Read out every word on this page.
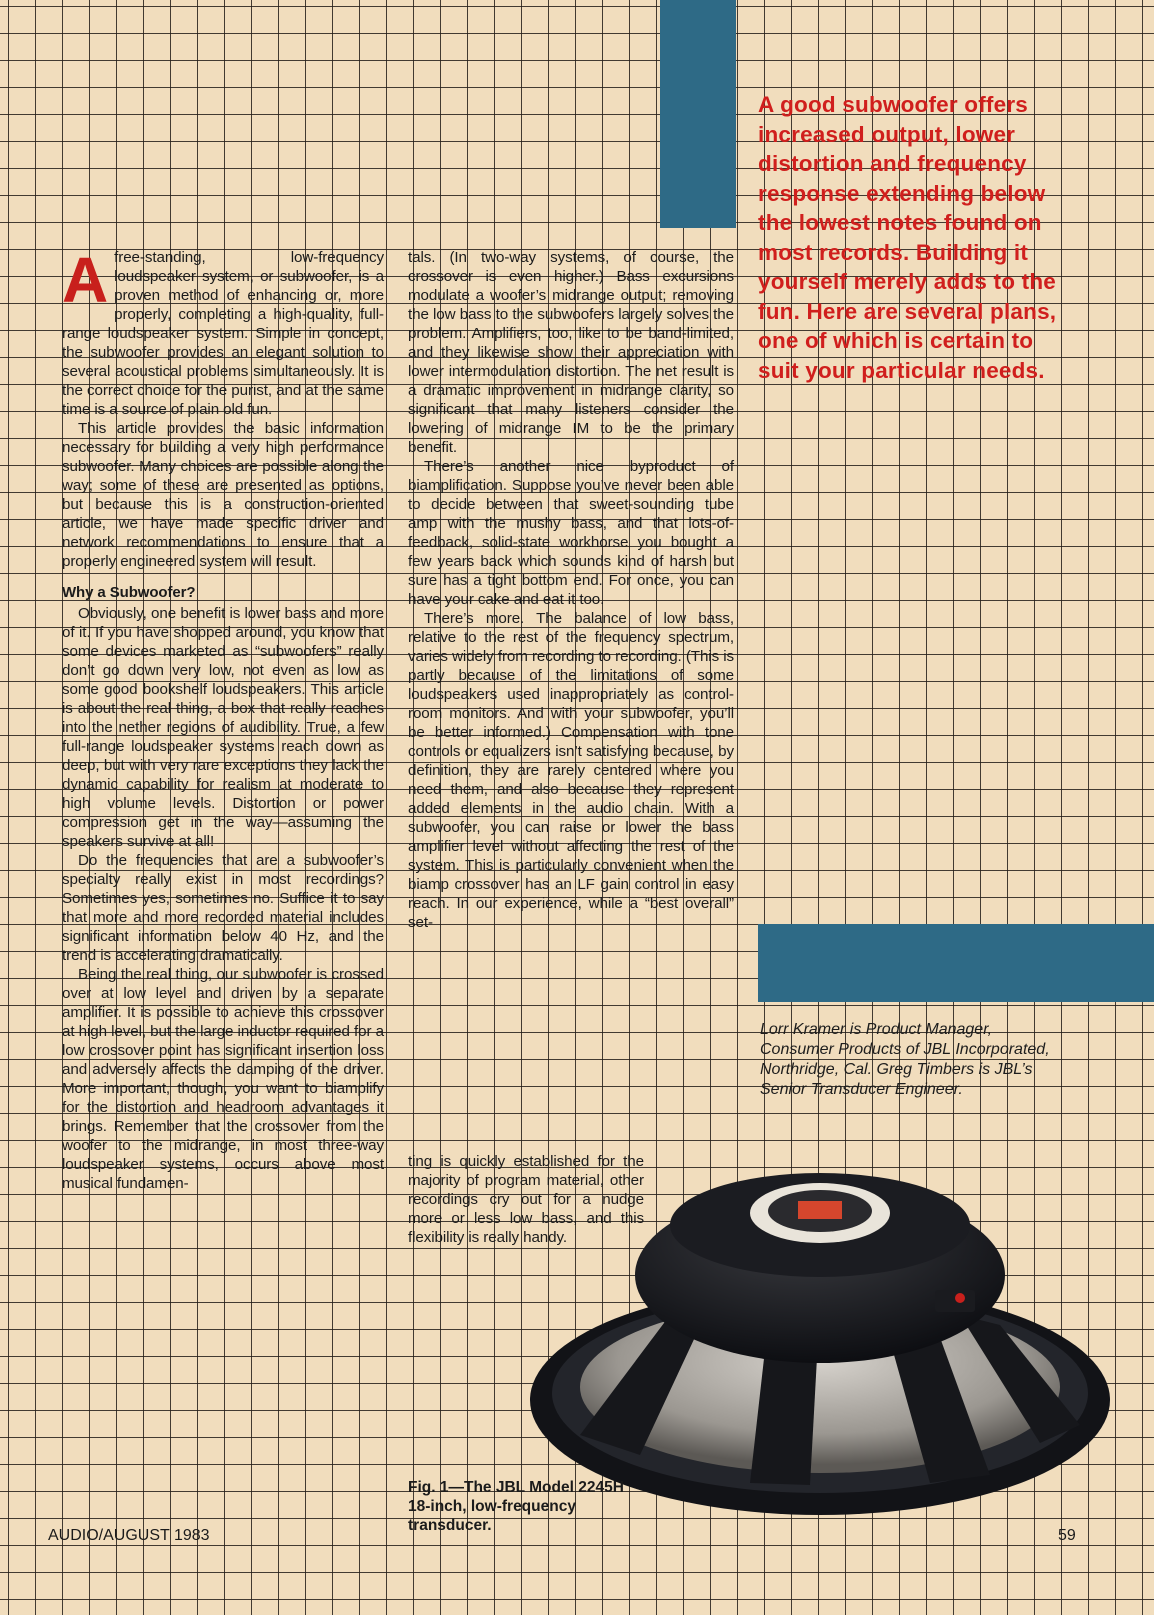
A good subwoofer offers increased output, lower distortion and frequency response extending below the lowest notes found on most records. Building it yourself merely adds to the fun. Here are several plans, one of which is certain to suit your particular needs.

Afree-standing, low-frequency loudspeaker system, or subwoofer, is a proven method of enhancing or, more properly, completing a high-quality, full-range loudspeaker system. Simple in concept, the subwoofer provides an elegant solution to several acoustical problems simultaneously. It is the correct choice for the purist, and at the same time is a source of plain old fun.

This article provides the basic information necessary for building a very high performance subwoofer. Many choices are possible along the way; some of these are presented as options, but because this is a construction-oriented article, we have made specific driver and network recommendations to ensure that a properly engineered system will result.

Why a Subwoofer?

Obviously, one benefit is lower bass and more of it. If you have shopped around, you know that some devices marketed as “subwoofers” really don’t go down very low, not even as low as some good bookshelf loudspeakers. This article is about the real thing, a box that really reaches into the nether regions of audibility. True, a few full-range loudspeaker systems reach down as deep, but with very rare exceptions they lack the dynamic capability for realism at moderate to high volume levels. Distortion or power compression get in the way—assuming the speakers survive at all!

Do the frequencies that are a subwoofer’s specialty really exist in most recordings? Sometimes yes, sometimes no. Suffice it to say that more and more recorded material includes significant information below 40 Hz, and the trend is accelerating dramatically.

Being the real thing, our subwoofer is crossed over at low level and driven by a separate amplifier. It is possible to achieve this crossover at high level, but the large inductor required for a low crossover point has significant insertion loss and adversely affects the damping of the driver. More important, though, you want to biamplify for the distortion and headroom advantages it brings. Remember that the crossover from the woofer to the midrange, in most three-way loudspeaker systems, occurs above most musical fundamen-

tals. (In two-way systems, of course, the crossover is even higher.) Bass excursions modulate a woofer’s midrange output; removing the low bass to the subwoofers largely solves the problem. Amplifiers, too, like to be band-limited, and they likewise show their appreciation with lower intermodulation distortion. The net result is a dramatic improvement in midrange clarity, so significant that many listeners consider the lowering of midrange IM to be the primary benefit.

There’s another nice byproduct of biamplification. Suppose you’ve never been able to decide between that sweet-sounding tube amp with the mushy bass, and that lots-of-feedback, solid-state workhorse you bought a few years back which sounds kind of harsh but sure has a tight bottom end. For once, you can have your cake and eat it too.

There’s more. The balance of low bass, relative to the rest of the frequency spectrum, varies widely from recording to recording. (This is partly because of the limitations of some loudspeakers used inappropriately as control-room monitors. And with your subwoofer, you’ll be better informed.) Compensation with tone controls or equalizers isn’t satisfying because, by definition, they are rarely centered where you need them, and also because they represent added elements in the audio chain. With a subwoofer, you can raise or lower the bass amplifier level without affecting the rest of the system. This is particularly convenient when the biamp crossover has an LF gain control in easy reach. In our experience, while a “best overall” set-

ting is quickly established for the majority of program material, other recordings cry out for a nudge more or less low bass, and this flexibility is really handy.

Lorr Kramer is Product Manager, Consumer Products of JBL Incorporated, Northridge, Cal. Greg Timbers is JBL’s Senior Transducer Engineer.
Fig. 1—The JBL Model 2245H 18-inch, low-frequency transducer.
AUDIO/AUGUST 1983	59
